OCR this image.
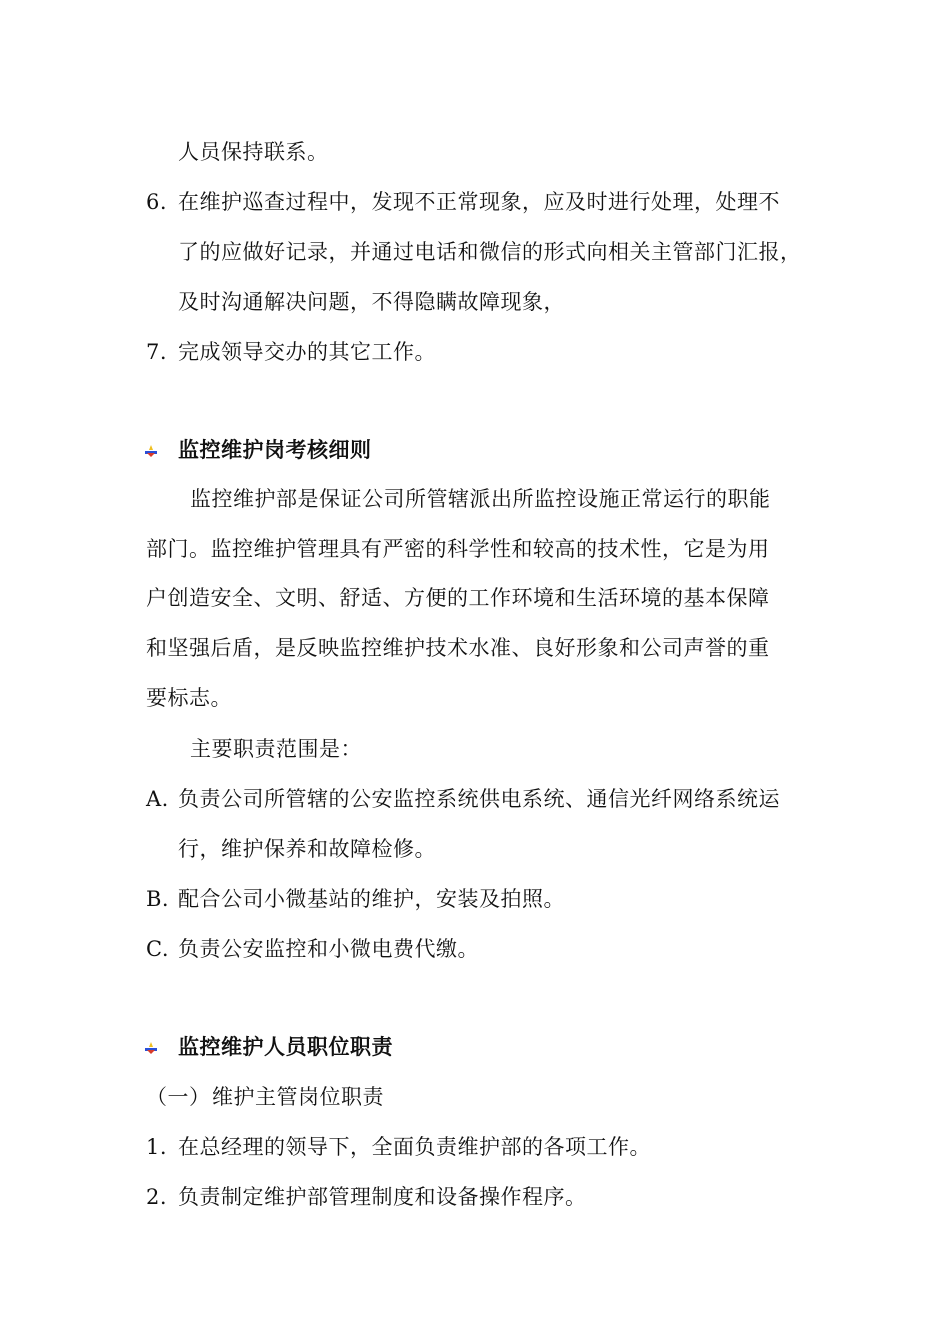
人员保持联系。
6. 在维护巡查过程中，发现不正常现象，应及时进行处理，处理不
了的应做好记录，并通过电话和微信的形式向相关主管部门汇报，
及时沟通解决问题，不得隐瞒故障现象，
7. 完成领导交办的其它工作。
监控维护岗考核细则
监控维护部是保证公司所管辖派出所监控设施正常运行的职能
部门。监控维护管理具有严密的科学性和较高的技术性，它是为用
户创造安全、文明、舒适、方便的工作环境和生活环境的基本保障
和坚强后盾，是反映监控维护技术水准、良好形象和公司声誉的重
要标志。
主要职责范围是：
A. 负责公司所管辖的公安监控系统供电系统、通信光纤网络系统运
行，维护保养和故障检修。
B. 配合公司小微基站的维护，安装及拍照。
C. 负责公安监控和小微电费代缴。
监控维护人员职位职责
（一） 维护主管岗位职责
1. 在总经理的领导下，全面负责维护部的各项工作。
2. 负责制定维护部管理制度和设备操作程序。
